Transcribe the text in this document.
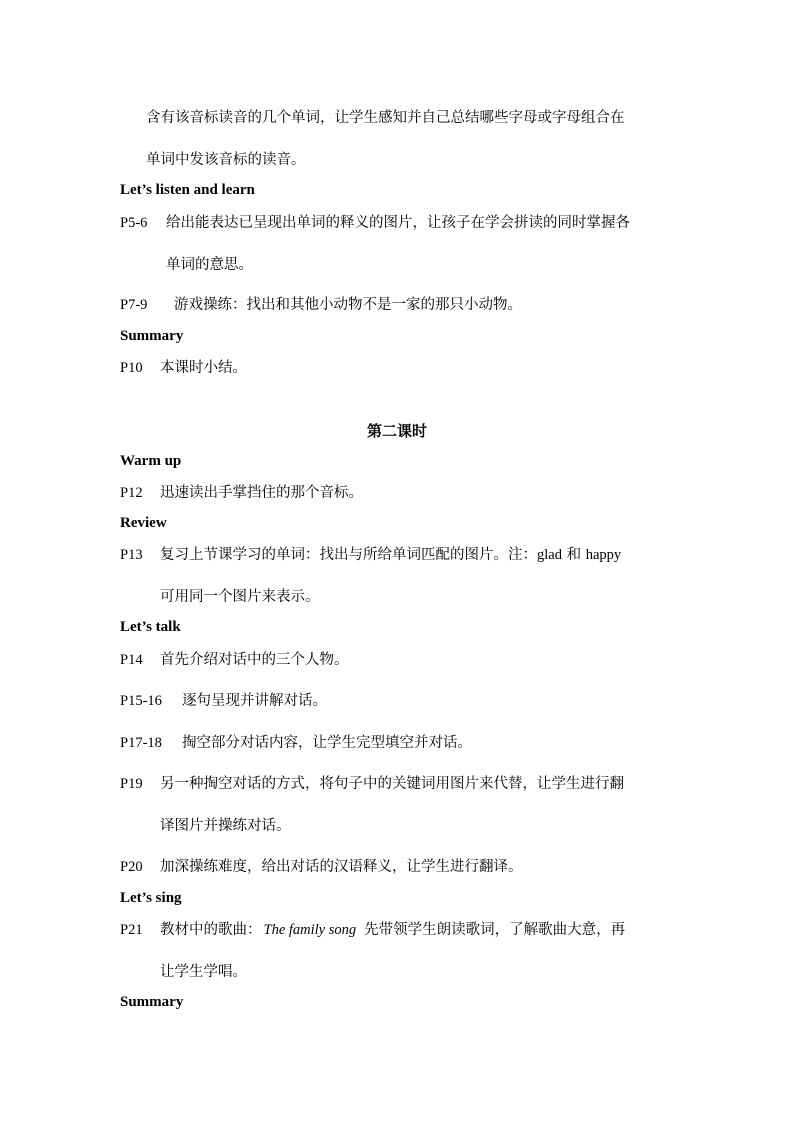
含有该音标读音的几个单词，让学生感知并自己总结哪些字母或字母组合在
单词中发该音标的读音。
Let’s listen and learn
P5-6 给出能表达已呈现出单词的释义的图片，让孩子在学会拼读的同时掌握各
单词的意思。
P7-9 游戏操练：找出和其他小动物不是一家的那只小动物。
Summary
P10 本课时小结。
第二课时
Warm up
P12 迅速读出手掌挡住的那个音标。
Review
P13 复习上节课学习的单词：找出与所给单词匹配的图片。注：glad 和 happy
可用同一个图片来表示。
Let’s talk
P14 首先介绍对话中的三个人物。
P15-16 逐句呈现并讲解对话。
P17-18 掏空部分对话内容，让学生完型填空并对话。
P19 另一种掏空对话的方式，将句子中的关键词用图片来代替，让学生进行翻
译图片并操练对话。
P20 加深操练难度，给出对话的汉语释义，让学生进行翻译。
Let’s sing
P21 教材中的歌曲： The family song 先带领学生朗读歌词，了解歌曲大意，再
让学生学唱。
Summary
